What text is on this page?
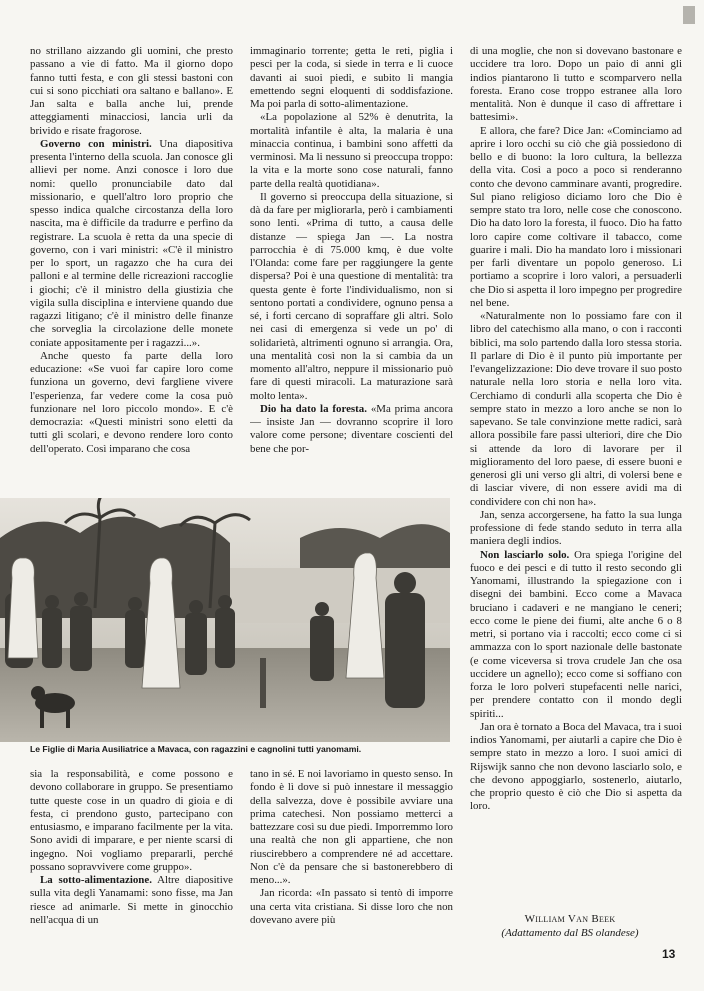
no strillano aizzando gli uomini, che presto passano a vie di fatto. Ma il giorno dopo fanno tutti festa, e con gli stessi bastoni con cui si sono picchiati ora saltano e ballano». E Jan salta e balla anche lui, prende atteggiamenti minacciosi, lancia urli da brivido e risate fragorose.

Governo con ministri. Una diapositiva presenta l'interno della scuola. Jan conosce gli allievi per nome. Anzi conosce i loro due nomi: quello pronunciabile dato dal missionario, e quell'altro loro proprio che spesso indica qualche circostanza della loro nascita, ma è difficile da tradurre e perfino da registrare. La scuola è retta da una specie di governo, con i vari ministri: «C'è il ministro per lo sport, un ragazzo che ha cura dei palloni e al termine delle ricreazioni raccoglie i giochi; c'è il ministro della giustizia che vigila sulla disciplina e interviene quando due ragazzi litigano; c'è il ministro delle finanze che sorveglia la circolazione delle monete coniate appositamente per i ragazzi...».

Anche questo fa parte della loro educazione: «Se vuoi far capire loro come funziona un governo, devi fargliene vivere l'esperienza, far vedere come la cosa può funzionare nel loro piccolo mondo». E c'è democrazia: «Questi ministri sono eletti da tutti gli scolari, e devono rendere loro conto dell'operato. Così imparano che cosa

immaginario torrente; getta le reti, piglia i pesci per la coda, si siede in terra e li cuoce davanti ai suoi piedi, e subito li mangia emettendo segni eloquenti di soddisfazione. Ma poi parla di sotto-alimentazione.

«La popolazione al 52% è denutrita, la mortalità infantile è alta, la malaria è una minaccia continua, i bambini sono affetti da verminosi. Ma li nessuno si preoccupa troppo: la vita e la morte sono cose naturali, fanno parte della realtà quotidiana».

Il governo si preoccupa della situazione, si dà da fare per migliorarla, però i cambiamenti sono lenti. «Prima di tutto, a causa delle distanze — spiega Jan —. La nostra parrocchia è di 75.000 kmq, è due volte l'Olanda: come fare per raggiungere la gente dispersa? Poi è una questione di mentalità: tra questa gente è forte l'individualismo, non si sentono portati a condividere, ognuno pensa a sé, i forti cercano di sopraffare gli altri. Solo nei casi di emergenza si vede un po' di solidarietà, altrimenti ognuno si arrangia. Ora, una mentalità così non la si cambia da un momento all'altro, neppure il missionario può fare di questi miracoli. La maturazione sarà molto lenta».

Dio ha dato la foresta. «Ma prima ancora — insiste Jan — dovranno scoprire il loro valore come persone; diventare coscienti del bene che por-

di una moglie, che non si dovevano bastonare e uccidere tra loro. Dopo un paio di anni gli indios piantarono lì tutto e scomparvero nella foresta. Erano cose troppo estranee alla loro mentalità. Non è dunque il caso di affrettare i battesimi».

E allora, che fare? Dice Jan: «Cominciamo ad aprire i loro occhi su ciò che già possiedono di bello e di buono: la loro cultura, la bellezza della vita. Così a poco a poco si renderanno conto che devono camminare avanti, progredire. Sul piano religioso diciamo loro che Dio è sempre stato tra loro, nelle cose che conoscono. Dio ha dato loro la foresta, il fuoco. Dio ha fatto loro capire come coltivare il tabacco, come guarire i mali. Dio ha mandato loro i missionari per farli diventare un popolo generoso. Li portiamo a scoprire i loro valori, a persuaderli che Dio si aspetta il loro impegno per progredire nel bene.

«Naturalmente non lo possiamo fare con il libro del catechismo alla mano, o con i racconti biblici, ma solo partendo dalla loro stessa storia. Il parlare di Dio è il punto più importante per l'evangelizzazione: Dio deve trovare il suo posto naturale nella loro storia e nella loro vita. Cerchiamo di condurli alla scoperta che Dio è sempre stato in mezzo a loro anche se non lo sapevano. Se tale convinzione mette radici, sarà allora possibile fare passi ulteriori, dire che Dio si attende da loro di lavorare per il miglioramento del loro paese, di essere buoni e generosi gli uni verso gli altri, di volersi bene e di lasciar vivere, di non essere avidi ma di condividere con chi non ha».

Jan, senza accorgersene, ha fatto la sua lunga professione di fede stando seduto in terra alla maniera degli indios.

Non lasciarlo solo. Ora spiega l'origine del fuoco e dei pesci e di tutto il resto secondo gli Yanomami, illustrando la spiegazione con i disegni dei bambini. Ecco come a Mavaca bruciano i cadaveri e ne mangiano le ceneri; ecco come le piene dei fiumi, alte anche 6 o 8 metri, si portano via i raccolti; ecco come ci si ammazza con lo sport nazionale delle bastonate (e come viceversa si trova crudele Jan che osa uccidere un agnello); ecco come si soffiano con forza le loro polveri stupefacenti nelle narici, per prendere contatto con il mondo degli spiriti...

Jan ora è tornato a Boca del Mavaca, tra i suoi indios Yanomami, per aiutarli a capire che Dio è sempre stato in mezzo a loro. I suoi amici di Rijswijk sanno che non devono lasciarlo solo, e che devono appoggiarlo, sostenerlo, aiutarlo, che proprio questo è ciò che Dio si aspetta da loro.

Le Figlie di Maria Ausiliatrice a Mavaca, con ragazzini e cagnolini tutti yanomami.

sia la responsabilità, e come possono e devono collaborare in gruppo. Se presentiamo tutte queste cose in un quadro di gioia e di festa, ci prendono gusto, partecipano con entusiasmo, e imparano facilmente per la vita. Sono avidi di imparare, e per niente scarsi di ingegno. Noi vogliamo prepararli, perché possano sopravvivere come gruppo».

La sotto-alimentazione. Altre diapositive sulla vita degli Yanamami: sono fisse, ma Jan riesce ad animarle. Si mette in ginocchio nell'acqua di un

tano in sé. E noi lavoriamo in questo senso. In fondo è lì dove si può innestare il messaggio della salvezza, dove è possibile avviare una prima catechesi. Non possiamo metterci a battezzare così su due piedi. Imporremmo loro una realtà che non gli appartiene, che non riuscirebbero a comprendere né ad accettare. Non c'è da pensare che si bastonerebbero di meno...».

Jan ricorda: «In passato si tentò di imporre una certa vita cristiana. Si disse loro che non dovevano avere più	William Van Beek
(Adattamento dal BS olandese)
13
